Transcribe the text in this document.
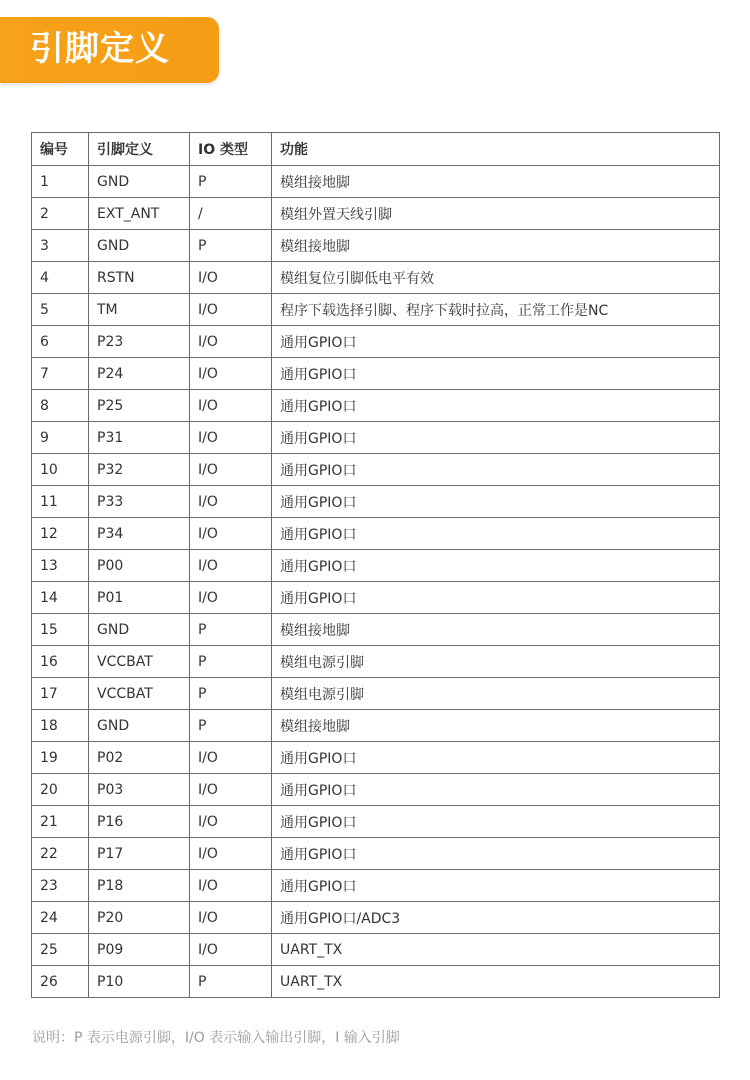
引脚定义
编号	引脚定义	IO 类型	功能
1	GND	P	模组接地脚
2	EXT_ANT	/	模组外置天线引脚
3	GND	P	模组接地脚
4	RSTN	I/O	模组复位引脚低电平有效
5	TM	I/O	程序下载选择引脚、程序下载时拉高，正常工作是NC
6	P23	I/O	通用GPIO口
7	P24	I/O	通用GPIO口
8	P25	I/O	通用GPIO口
9	P31	I/O	通用GPIO口
10	P32	I/O	通用GPIO口
11	P33	I/O	通用GPIO口
12	P34	I/O	通用GPIO口
13	P00	I/O	通用GPIO口
14	P01	I/O	通用GPIO口
15	GND	P	模组接地脚
16	VCCBAT	P	模组电源引脚
17	VCCBAT	P	模组电源引脚
18	GND	P	模组接地脚
19	P02	I/O	通用GPIO口
20	P03	I/O	通用GPIO口
21	P16	I/O	通用GPIO口
22	P17	I/O	通用GPIO口
23	P18	I/O	通用GPIO口
24	P20	I/O	通用GPIO口/ADC3
25	P09	I/O	UART_TX
26	P10	P	UART_TX
说明：P 表示电源引脚，I/O 表示输入输出引脚，I 输入引脚
